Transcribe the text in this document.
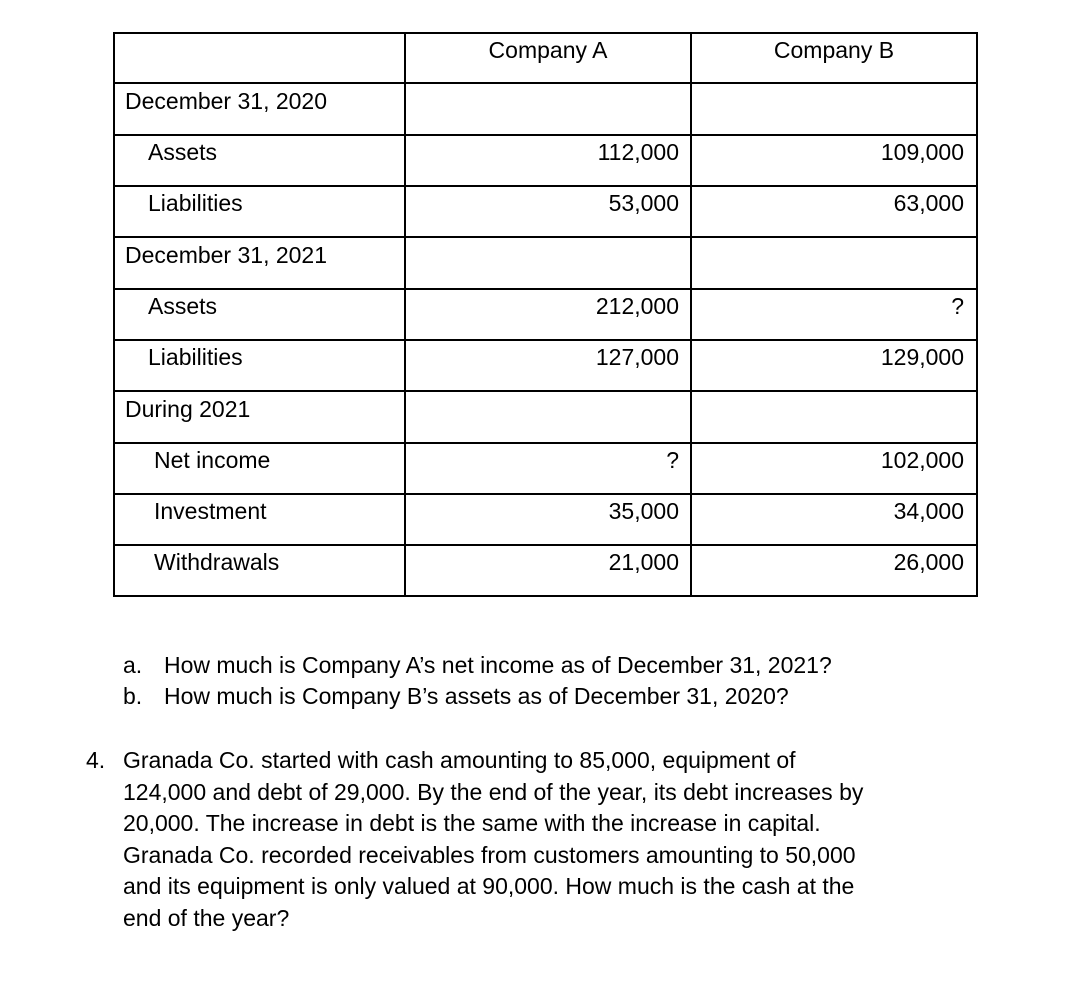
	Company A	Company B
December 31, 2020		
Assets	112,000	109,000
Liabilities	53,000	63,000
December 31, 2021		
Assets	212,000	?
Liabilities	127,000	129,000
During 2021		
Net income	?	102,000
Investment	35,000	34,000
Withdrawals	21,000	26,000
a. How much is Company A’s net income as of December 31, 2021?
b. How much is Company B’s assets as of December 31, 2020?
4. Granada Co. started with cash amounting to 85,000, equipment of
124,000 and debt of 29,000. By the end of the year, its debt increases by
20,000. The increase in debt is the same with the increase in capital.
Granada Co. recorded receivables from customers amounting to 50,000
and its equipment is only valued at 90,000. How much is the cash at the
end of the year?
